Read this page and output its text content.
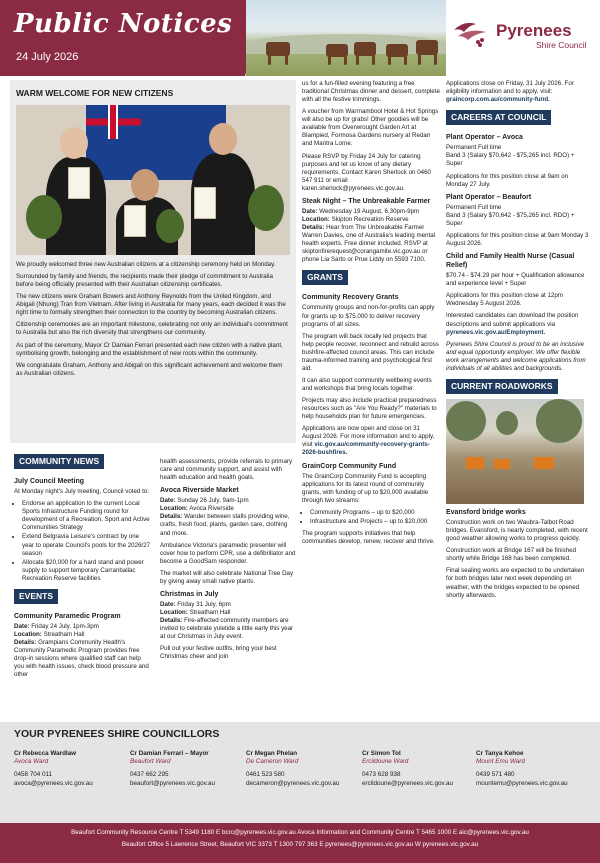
Public Notices
24 July 2026
Pyrenees
Shire Council
WARM WELCOME FOR NEW CITIZENS

We proudly welcomed three new Australian citizens at a citizenship ceremony held on Monday.

Surrounded by family and friends, the recipients made their pledge of commitment to Australia before being officially presented with their Australian citizenship certificates.

The new citizens were Graham Bowers and Anthony Reynolds from the United Kingdom, and Abigail (Nhung) Tran from Vietnam. After living in Australia for many years, each decided it was the right time to formally strengthen their connection to the country by becoming Australian citizens.

Citizenship ceremonies are an important milestone, celebrating not only an individual's commitment to Australia but also the rich diversity that strengthens our community.

As part of the ceremony, Mayor Cr Damian Ferrari presented each new citizen with a native plant, symbolising growth, belonging and the establishment of new roots within the community.

We congratulate Graham, Anthony and Abigail on this significant achievement and welcome them as Australian citizens.

COMMUNITY NEWS
July Council Meeting

At Monday night's July meeting, Council voted to:

• Endorse an application to the current Local Sports Infrastructure Funding round for development of a Recreation, Sport and Active Communities Strategy
• Extend Belgravia Leisure's contract by one year to operate Council's pools for the 2026/27 season
• Allocate $20,000 for a hard stand and power supply to support temporary Carranballac Recreation Reserve facilities
EVENTS
Community Paramedic Program
Date: Friday 24 July, 1pm-3pm
Location: Streatham Hall
Details: Grampians Community Health's Community Paramedic Program provides free drop-in sessions where qualified staff can help you with health issues, check blood pressure and other

health assessments, provide referrals to primary care and community support, and assist with health education and health goals.

Avoca Riverside Market
Date: Sunday 26 July, 9am-1pm
Location: Avoca Riverside

Details: Wander between stalls providing wine, crafts, fresh food, plants, garden care, clothing and more.

Ambulance Victoria's paramedic presenter will cover how to perform CPR, use a defibrillator and become a GoodSam responder.

The market will also celebrate National Tree Day by giving away small native plants.

Christmas in July
Date: Friday 31 July, 6pm
Location: Streatham Hall

Details: Fire-affected community members are invited to celebrate yuletide a little early this year at our Christmas in July event.

Pull out your festive outfits, bring your best Christmas cheer and join

us for a fun-filled evening featuring a free traditional Christmas dinner and dessert, complete with all the festive trimmings.

A voucher from Warrnambool Hotel & Hot Springs will also be up for grabs! Other goodies will be available from Overwrought Garden Art at Blampied, Formosa Gardens nursery at Redan and Mantra Lorne.

Please RSVP by Friday 24 July for catering purposes and let us know of any dietary requirements. Contact Karen Sherlock on 0460 547 911 or email karen.sherlock@pyrenees.vic.gov.au.

Steak Night – The Unbreakable Farmer
Date: Wednesday 19 August, 6.30pm-9pm
Location: Skipton Recreation Reserve

Details: Hear from The Unbreakable Farmer Warren Davies, one of Australia's leading mental health experts. Free dinner included. RSVP at skiptonfirerequest@corangamite.vic.gov.au or phone Lia Sarto or Prue Liddy on 5593 7100.

GRANTS
Community Recovery Grants

Community groups and non-for-profits can apply for grants up to $75,000 to deliver recovery programs of all sizes.

The program will back locally led projects that help people recover, reconnect and rebuild across bushfire-affected council areas. This can include trauma-informed training and psychological first aid.

It can also support community wellbeing events and workshops that bring locals together.

Projects may also include practical preparedness resources such as "Are You Ready?" materials to help households plan for future emergencies.

Applications are now open and close on 31 August 2026. For more information and to apply, visit vic.gov.au/community-recovery-grants-2026-bushfires.

GrainCorp Community Fund

The GrainCorp Community Fund is accepting applications for its latest round of community grants, with funding of up to $20,000 available through two streams:

• Community Programs – up to $20,000
• Infrastructure and Projects – up to $20,000

The program supports initiatives that help communities develop, renew, recover and thrive.

Applications close on Friday, 31 July 2026. For eligibility information and to apply, visit: graincorp.com.au/community-fund.

CAREERS AT COUNCIL
Plant Operator – Avoca
Permanent Full time

Band 3 (Salary $70,642 - $75,265 incl. RDO) + Super

Applications for this position close at 9am on Monday 27 July.

Plant Operator – Beaufort
Permanent Full time

Band 3 (Salary $70,642 - $75,265 incl. RDO) + Super

Applications for this position close at 9am Monday 3 August 2026.

Child and Family Health Nurse (Casual Relief)

$70.74 - $74.29 per hour + Qualification allowance and experience level + Super

Applications for this position close at 12pm Wednesday 5 August 2026.

Interested candidates can download the position descriptions and submit applications via pyrenees.vic.gov.au/Employment.

Pyrenees Shire Council is proud to be an inclusive and equal opportunity employer. We offer flexible work arrangements and welcome applications from individuals of all abilities and backgrounds.

CURRENT ROADWORKS
Evansford bridge works

Construction work on two Waubra-Talbot Road bridges, Evansford, is nearly completed, with recent good weather allowing works to progress quickly.

Construction work at Bridge 167 will be finished shortly while Bridge 168 has been completed.

Final sealing works are expected to be undertaken for both bridges later next week depending on weather, with the bridges expected to be opened shortly afterwards.

YOUR PYRENEES SHIRE COUNCILLORS
Cr Rebecca Wardlaw
Avoca Ward
0458 704 011
avoca@pyrenees.vic.gov.au
Cr Damian Ferrari – Mayor
Beaufort Ward
0437 662 295
beaufort@pyrenees.vic.gov.au
Cr Megan Phelan
De Cameron Ward
0461 523 580
decameron@pyrenees.vic.gov.au
Cr Simon Tol
Ercildoune Ward
0473 628 938
ercildoune@pyrenees.vic.gov.au
Cr Tanya Kehoe
Mount Emu Ward
0439 571 480
mountemu@pyrenees.vic.gov.au
Beaufort Community Resource Centre T 5349 1180 E bcrc@pyrenees.vic.gov.au Avoca Information and Community Centre T 5465 1000 E aic@pyrenees.vic.gov.au
Beaufort Office 5 Lawrence Street, Beaufort VIC 3373 T 1300 797 363 E pyrenees@pyrenees.vic.gov.au W pyrenees.vic.gov.au
